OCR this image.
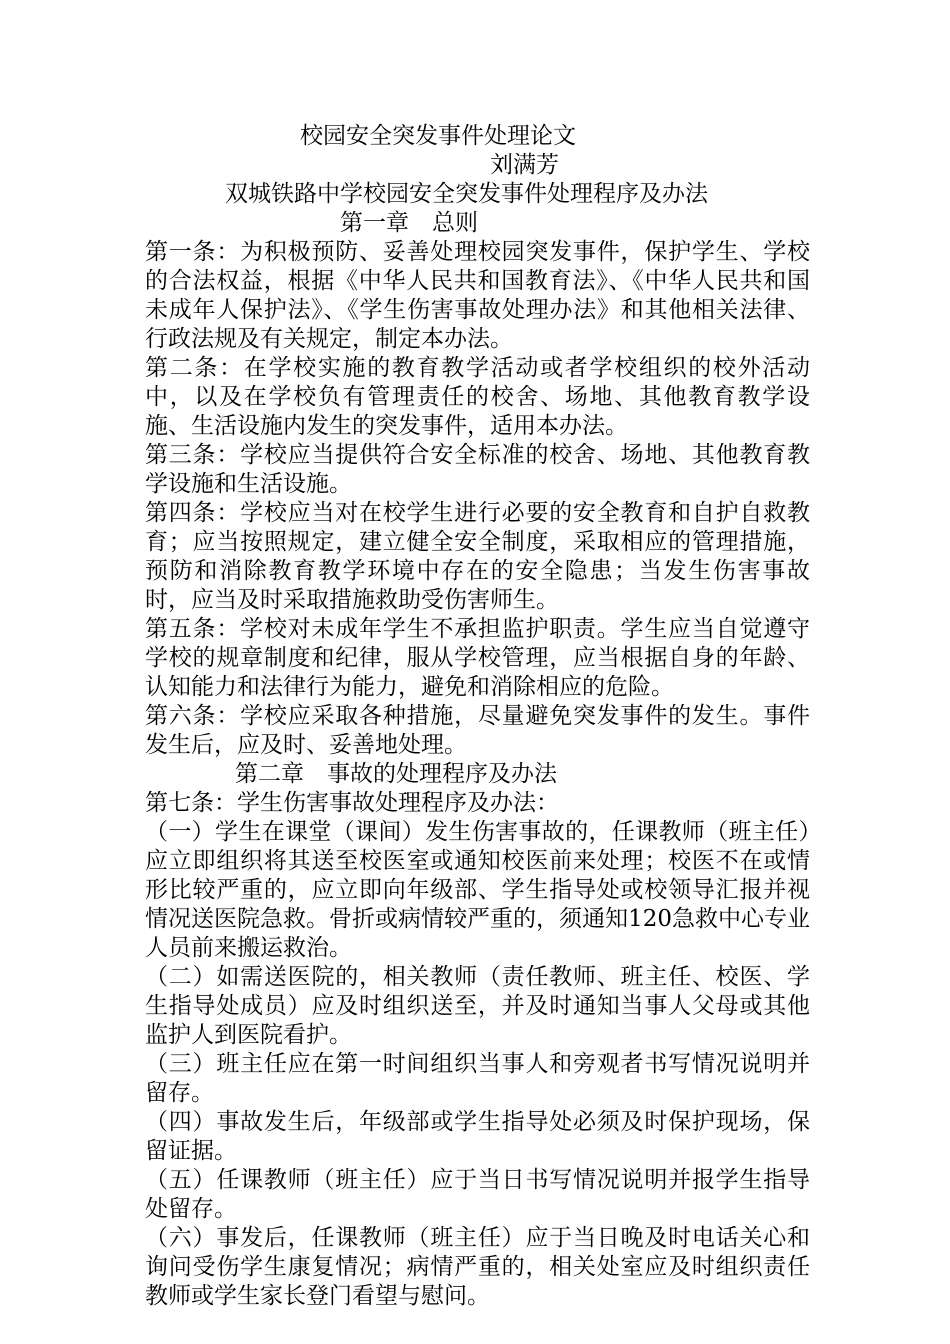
校园安全突发事件处理论文

刘满芳

双城铁路中学校园安全突发事件处理程序及办法

第一章　总则

第一条：为积极预防、妥善处理校园突发事件，保护学生、学校的合法权益，根据《中华人民共和国教育法》、《中华人民共和国未成年人保护法》、《学生伤害事故处理办法》和其他相关法律、行政法规及有关规定，制定本办法。

第二条：在学校实施的教育教学活动或者学校组织的校外活动中，以及在学校负有管理责任的校舍、场地、其他教育教学设施、生活设施内发生的突发事件，适用本办法。

第三条：学校应当提供符合安全标准的校舍、场地、其他教育教学设施和生活设施。

第四条：学校应当对在校学生进行必要的安全教育和自护自救教育；应当按照规定，建立健全安全制度，采取相应的管理措施，预防和消除教育教学环境中存在的安全隐患；当发生伤害事故时，应当及时采取措施救助受伤害师生。

第五条：学校对未成年学生不承担监护职责。学生应当自觉遵守学校的规章制度和纪律，服从学校管理，应当根据自身的年龄、认知能力和法律行为能力，避免和消除相应的危险。

第六条：学校应采取各种措施，尽量避免突发事件的发生。事件发生后，应及时、妥善地处理。

第二章　事故的处理程序及办法

第七条：学生伤害事故处理程序及办法：

（一）学生在课堂（课间）发生伤害事故的，任课教师（班主任）应立即组织将其送至校医室或通知校医前来处理；校医不在或情形比较严重的，应立即向年级部、学生指导处或校领导汇报并视情况送医院急救。骨折或病情较严重的，须通知120急救中心专业人员前来搬运救治。

（二）如需送医院的，相关教师（责任教师、班主任、校医、学生指导处成员）应及时组织送至，并及时通知当事人父母或其他监护人到医院看护。

（三）班主任应在第一时间组织当事人和旁观者书写情况说明并留存。

（四）事故发生后，年级部或学生指导处必须及时保护现场，保留证据。

（五）任课教师（班主任）应于当日书写情况说明并报学生指导处留存。

（六）事发后，任课教师（班主任）应于当日晚及时电话关心和询问受伤学生康复情况；病情严重的，相关处室应及时组织责任教师或学生家长登门看望与慰问。
